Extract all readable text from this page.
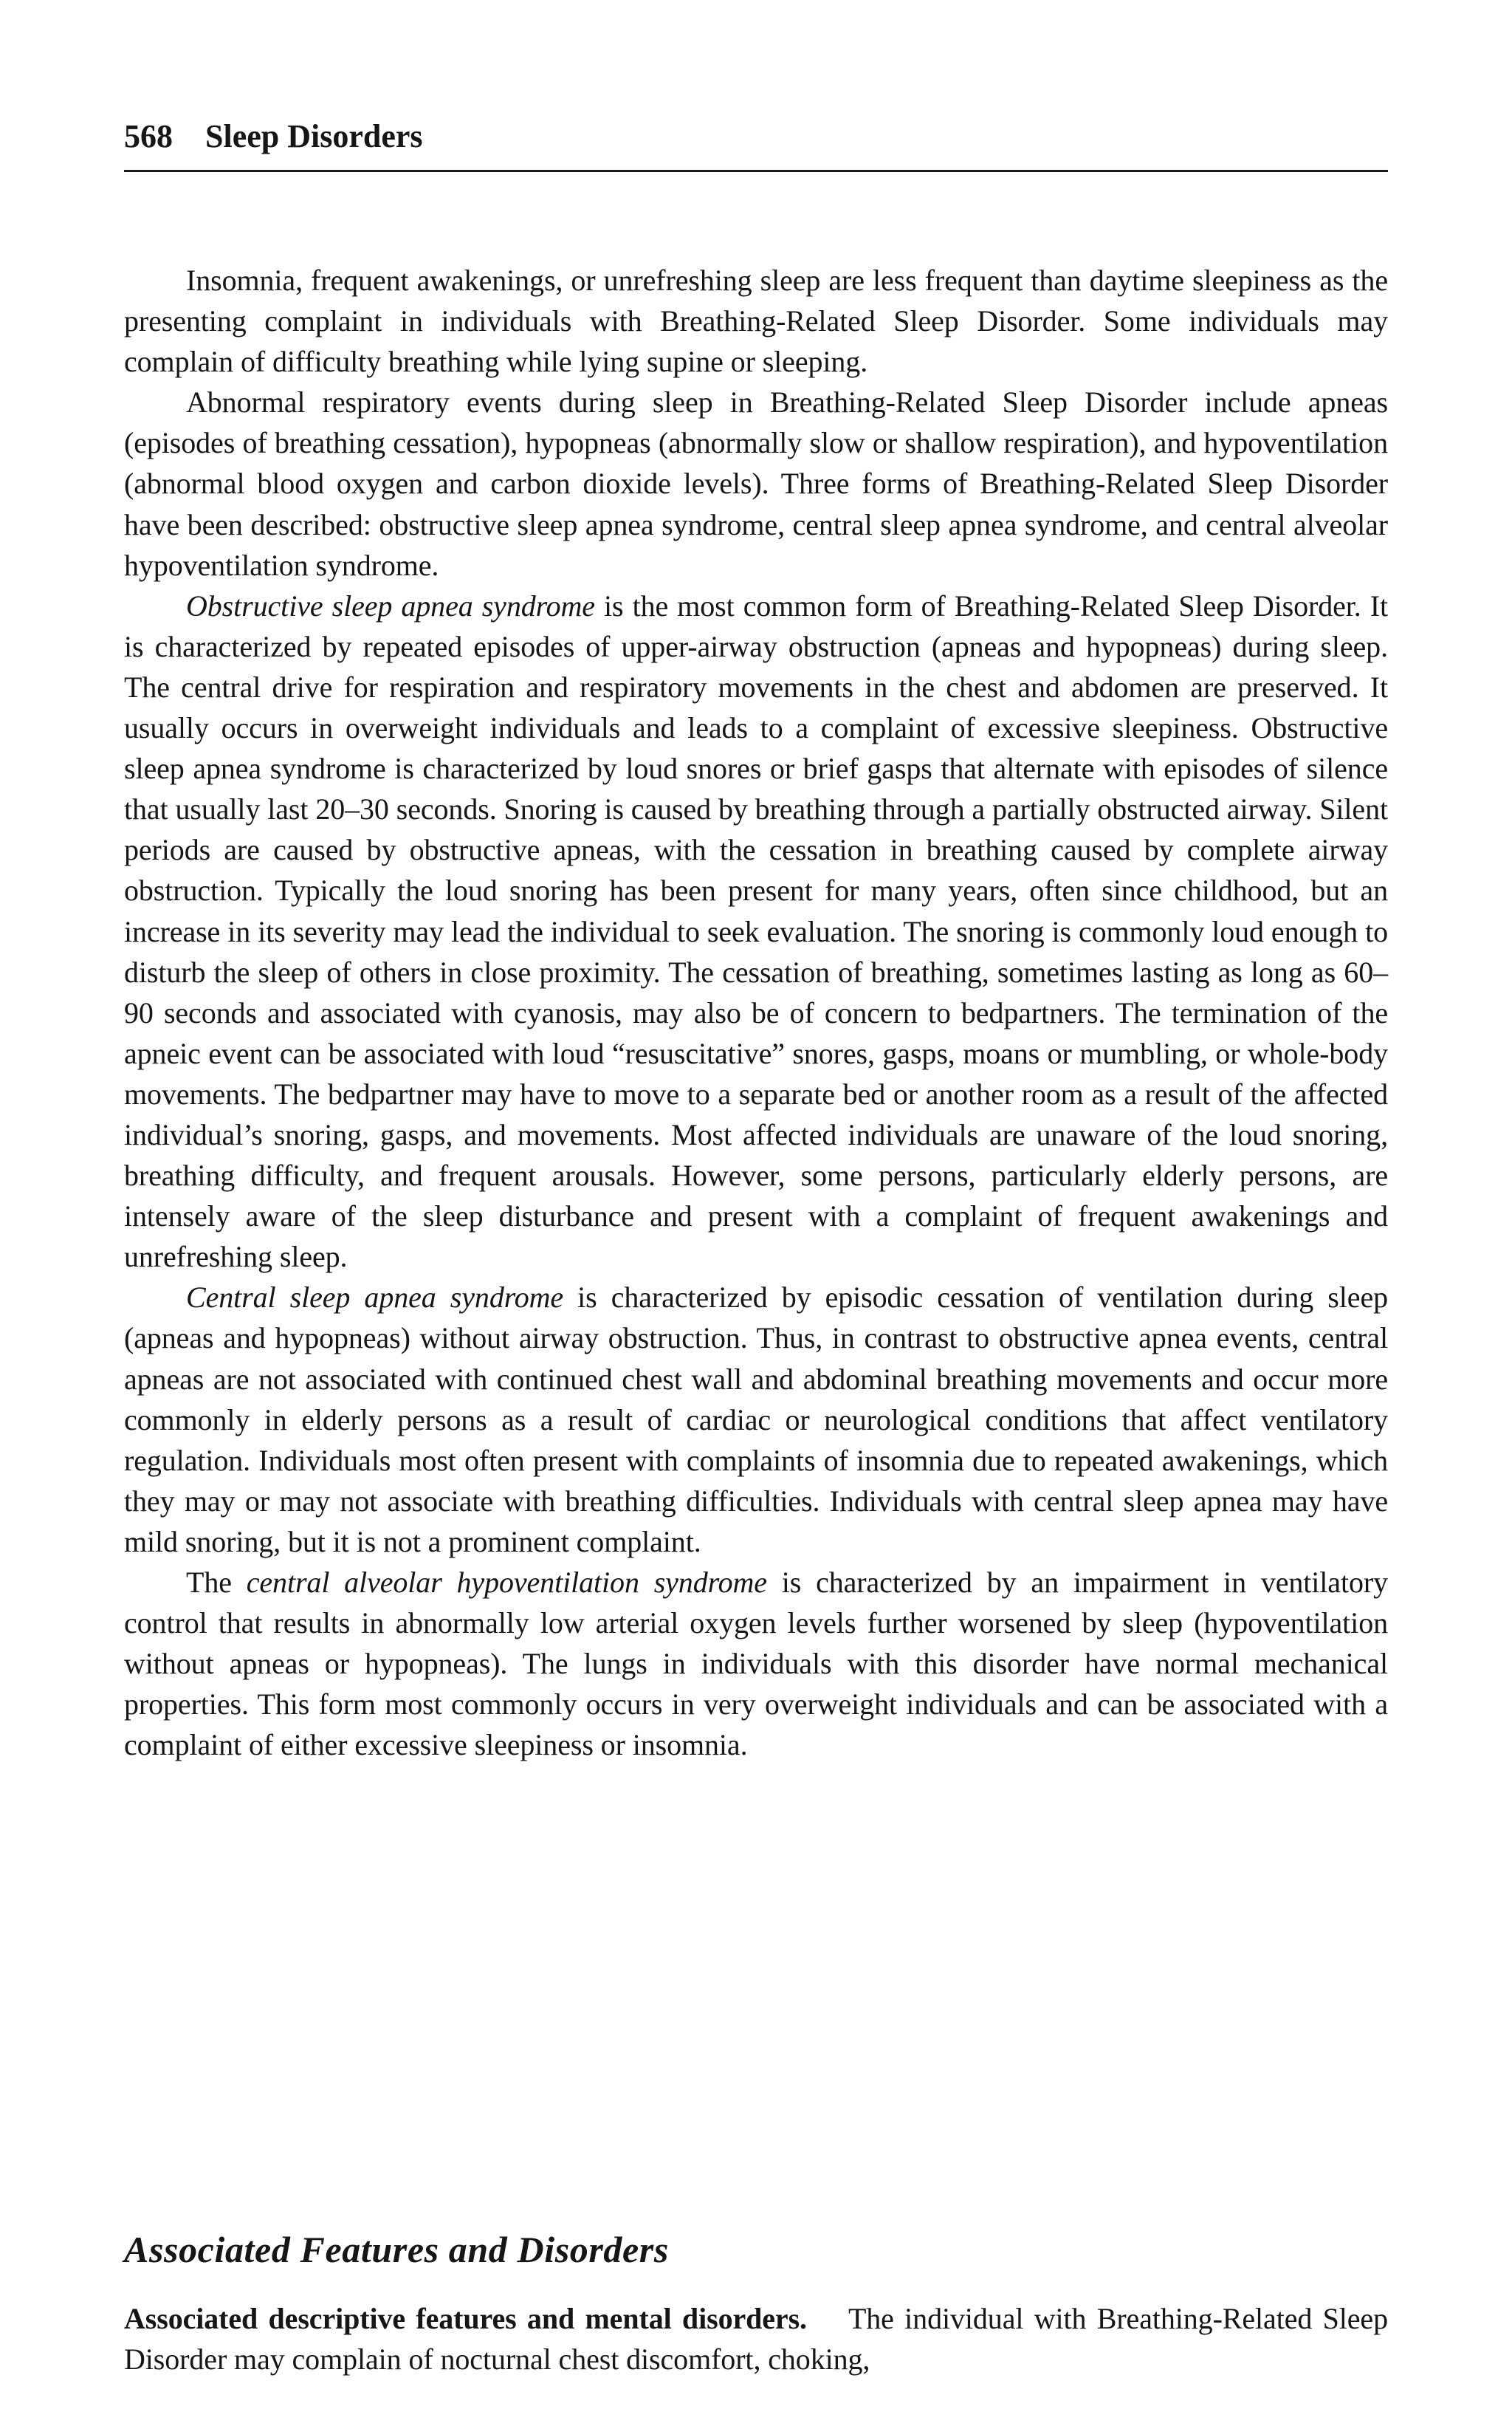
568 Sleep Disorders

Insomnia, frequent awakenings, or unrefreshing sleep are less frequent than daytime sleepiness as the presenting complaint in individuals with Breathing-Related Sleep Disorder. Some individuals may complain of difficulty breathing while lying supine or sleeping.

Abnormal respiratory events during sleep in Breathing-Related Sleep Disorder include apneas (episodes of breathing cessation), hypopneas (abnormally slow or shallow respiration), and hypoventilation (abnormal blood oxygen and carbon dioxide levels). Three forms of Breathing-Related Sleep Disorder have been described: obstructive sleep apnea syndrome, central sleep apnea syndrome, and central alveolar hypoventilation syndrome.

Obstructive sleep apnea syndrome is the most common form of Breathing-Related Sleep Disorder. It is characterized by repeated episodes of upper-airway obstruction (apneas and hypopneas) during sleep. The central drive for respiration and respiratory movements in the chest and abdomen are preserved. It usually occurs in overweight individuals and leads to a complaint of excessive sleepiness. Obstructive sleep apnea syndrome is characterized by loud snores or brief gasps that alternate with episodes of silence that usually last 20–30 seconds. Snoring is caused by breathing through a partially obstructed airway. Silent periods are caused by obstructive apneas, with the cessation in breathing caused by complete airway obstruction. Typically the loud snoring has been present for many years, often since childhood, but an increase in its severity may lead the individual to seek evaluation. The snoring is commonly loud enough to disturb the sleep of others in close proximity. The cessation of breathing, sometimes lasting as long as 60–90 seconds and associated with cyanosis, may also be of concern to bedpartners. The termination of the apneic event can be associated with loud “resuscitative” snores, gasps, moans or mumbling, or whole-body movements. The bedpartner may have to move to a separate bed or another room as a result of the affected individual’s snoring, gasps, and movements. Most affected individuals are unaware of the loud snoring, breathing difficulty, and frequent arousals. However, some persons, particularly elderly persons, are intensely aware of the sleep disturbance and present with a complaint of frequent awakenings and unrefreshing sleep.

Central sleep apnea syndrome is characterized by episodic cessation of ventilation during sleep (apneas and hypopneas) without airway obstruction. Thus, in contrast to obstructive apnea events, central apneas are not associated with continued chest wall and abdominal breathing movements and occur more commonly in elderly persons as a result of cardiac or neurological conditions that affect ventilatory regulation. Individuals most often present with complaints of insomnia due to repeated awakenings, which they may or may not associate with breathing difficulties. Individuals with central sleep apnea may have mild snoring, but it is not a prominent complaint.

The central alveolar hypoventilation syndrome is characterized by an impairment in ventilatory control that results in abnormally low arterial oxygen levels further worsened by sleep (hypoventilation without apneas or hypopneas). The lungs in individuals with this disorder have normal mechanical properties. This form most commonly occurs in very overweight individuals and can be associated with a complaint of either excessive sleepiness or insomnia.

Associated Features and Disorders
Associated descriptive features and mental disorders. The individual with Breathing-Related Sleep Disorder may complain of nocturnal chest discomfort, choking,
